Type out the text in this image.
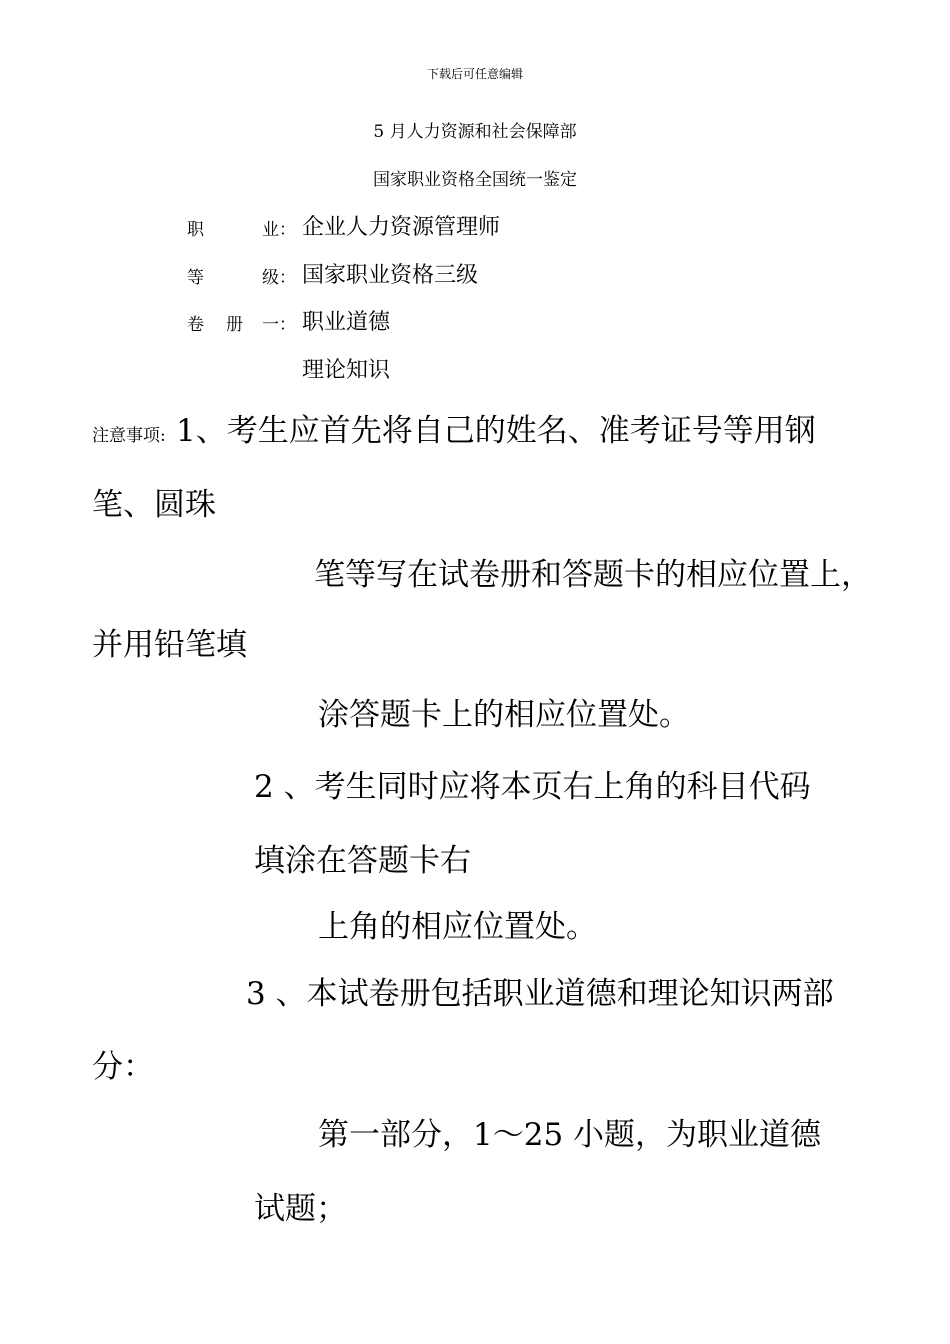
下载后可任意编辑
5 月人力资源和社会保障部
国家职业资格全国统一鉴定
职	业： 企业人力资源管理师
等	级： 国家职业资格三级
卷 册 一： 职业道德
理论知识
注意事项: 1、考生应首先将自己的姓名、准考证号等用钢
笔、圆珠
笔等写在试卷册和答题卡的相应位置上，
并用铅笔填
涂答题卡上的相应位置处。
2 、考生同时应将本页右上角的科目代码
填涂在答题卡右
上角的相应位置处。
3 、本试卷册包括职业道德和理论知识两部
分：
第一部分，1～25 小题，为职业道德
试题；
